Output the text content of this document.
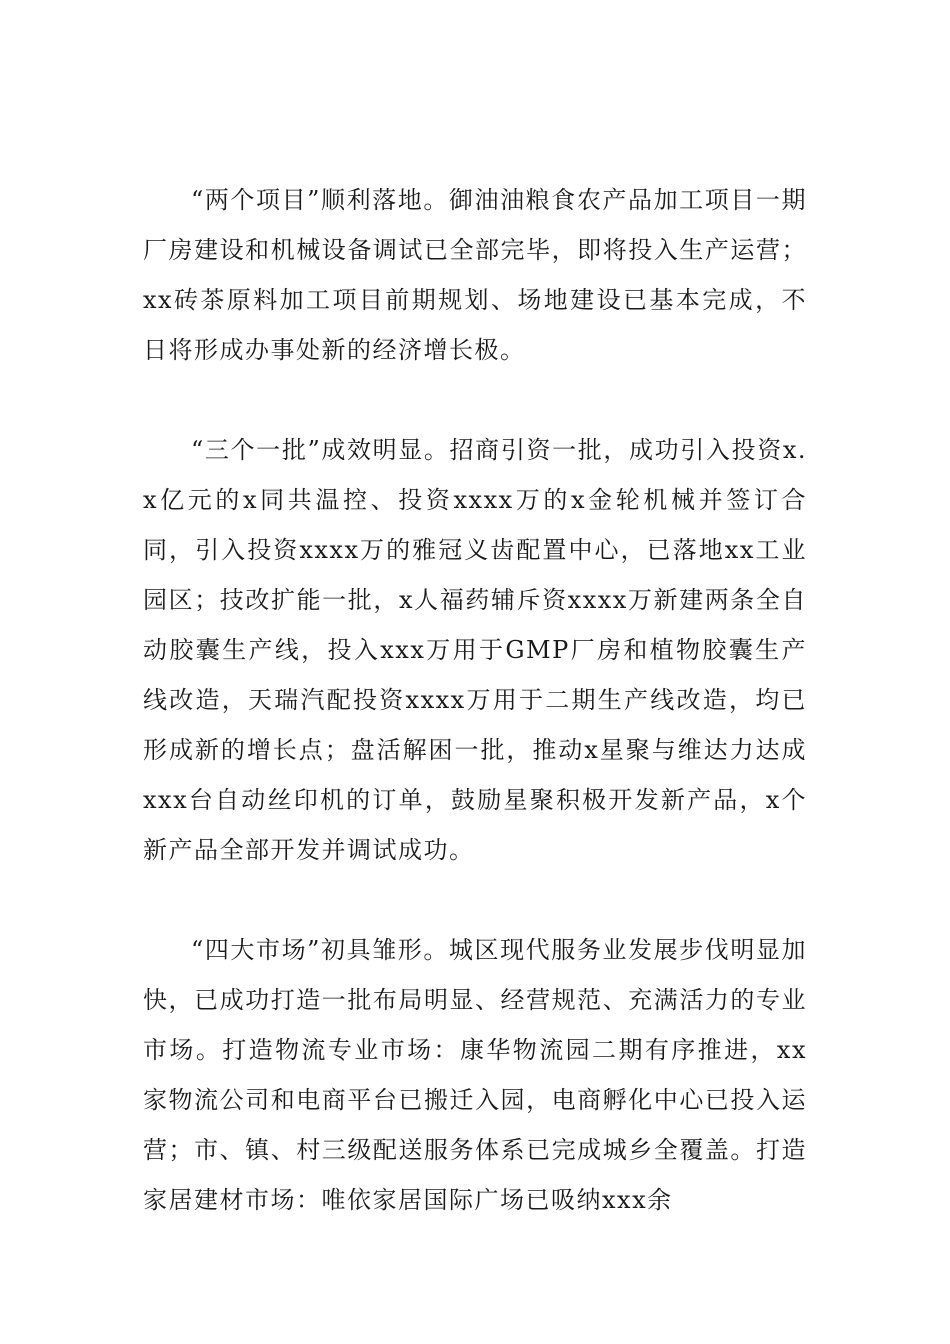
“两个项目”顺利落地。御油油粮食农产品加工项目一期厂房建设和机械设备调试已全部完毕，即将投入生产运营；xx砖茶原料加工项目前期规划、场地建设已基本完成，不日将形成办事处新的经济增长极。

“三个一批”成效明显。招商引资一批，成功引入投资x.x亿元的x同共温控、投资xxxx万的x金轮机械并签订合同，引入投资xxxx万的雅冠义齿配置中心，已落地xx工业园区；技改扩能一批，x人福药辅斥资xxxx万新建两条全自动胶囊生产线，投入xxx万用于GMP厂房和植物胶囊生产线改造，天瑞汽配投资xxxx万用于二期生产线改造，均已形成新的增长点；盘活解困一批，推动x星聚与维达力达成xxx台自动丝印机的订单，鼓励星聚积极开发新产品，x个新产品全部开发并调试成功。

“四大市场”初具雏形。城区现代服务业发展步伐明显加快，已成功打造一批布局明显、经营规范、充满活力的专业市场。打造物流专业市场：康华物流园二期有序推进，xx家物流公司和电商平台已搬迁入园，电商孵化中心已投入运营；市、镇、村三级配送服务体系已完成城乡全覆盖。打造家居建材市场：唯依家居国际广场已吸纳xxx余
